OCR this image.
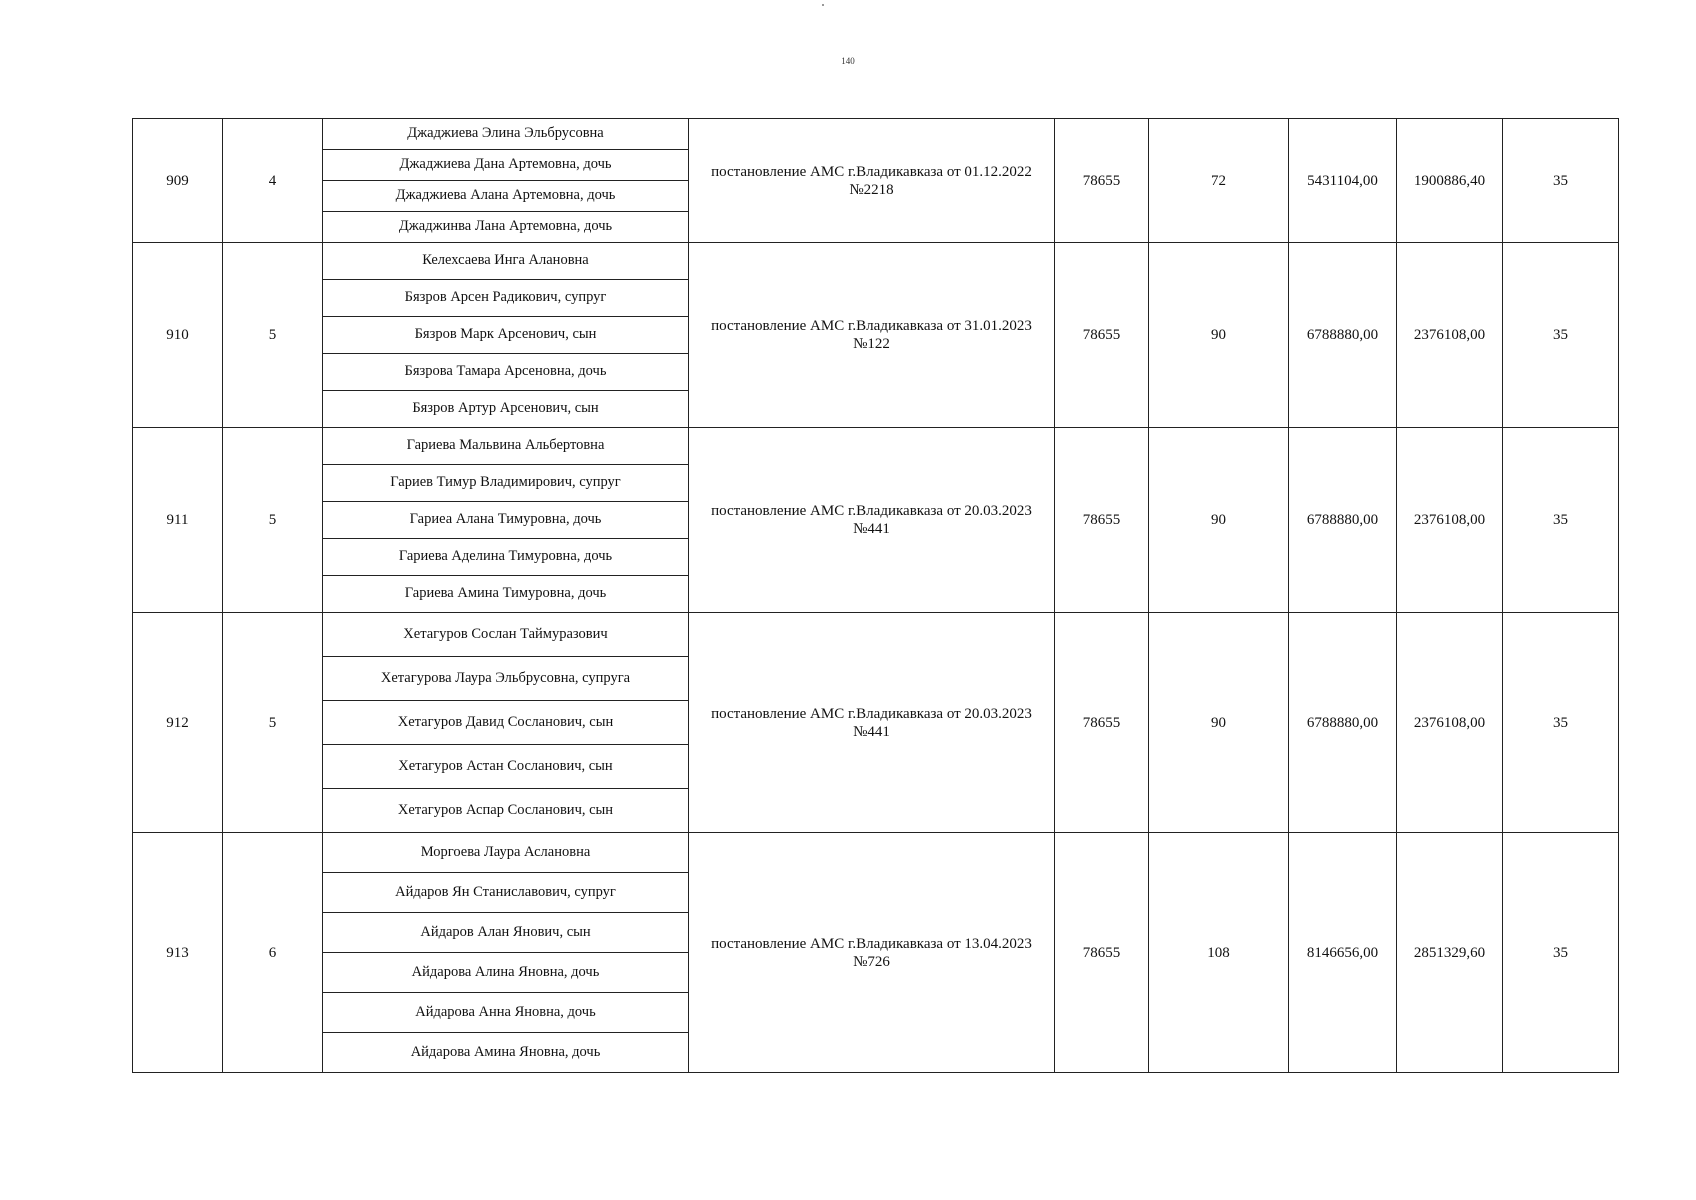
140
909	4	Джаджиева Элина Эльбрусовна	постановление АМС г.Владикавказа от 01.12.2022
№2218	78655	72	5431104,00	1900886,40	35
		Джаджиева Дана Артемовна, дочь						
		Джаджиева Алана Артемовна, дочь						
		Джаджинва Лана Артемовна, дочь						
910	5	Келехсаева Инга Алановна	постановление АМС г.Владикавказа от 31.01.2023
№122	78655	90	6788880,00	2376108,00	35
		Бязров Арсен Радикович, супруг						
		Бязров Марк Арсенович, сын						
		Бязрова Тамара Арсеновна, дочь						
		Бязров Артур Арсенович, сын						
911	5	Гариева Мальвина Альбертовна	постановление АМС г.Владикавказа от 20.03.2023
№441	78655	90	6788880,00	2376108,00	35
		Гариев Тимур Владимирович, супруг						
		Гариеа Алана Тимуровна, дочь						
		Гариева Аделина Тимуровна, дочь						
		Гариева Амина Тимуровна, дочь						
912	5	Хетагуров Сослан Таймуразович	постановление АМС г.Владикавказа от 20.03.2023
№441	78655	90	6788880,00	2376108,00	35
		Хетагурова Лаура Эльбрусовна, супруга						
		Хетагуров Давид Сосланович, сын						
		Хетагуров Астан Сосланович, сын						
		Хетагуров Аспар Сосланович, сын						
913	6	Моргоева Лаура Аслановна	постановление АМС г.Владикавказа от 13.04.2023
№726	78655	108	8146656,00	2851329,60	35
		Айдаров Ян Станиславович, супруг						
		Айдаров Алан Янович, сын						
		Айдарова Алина Яновна, дочь						
		Айдарова Анна Яновна, дочь						
		Айдарова Амина Яновна, дочь						
